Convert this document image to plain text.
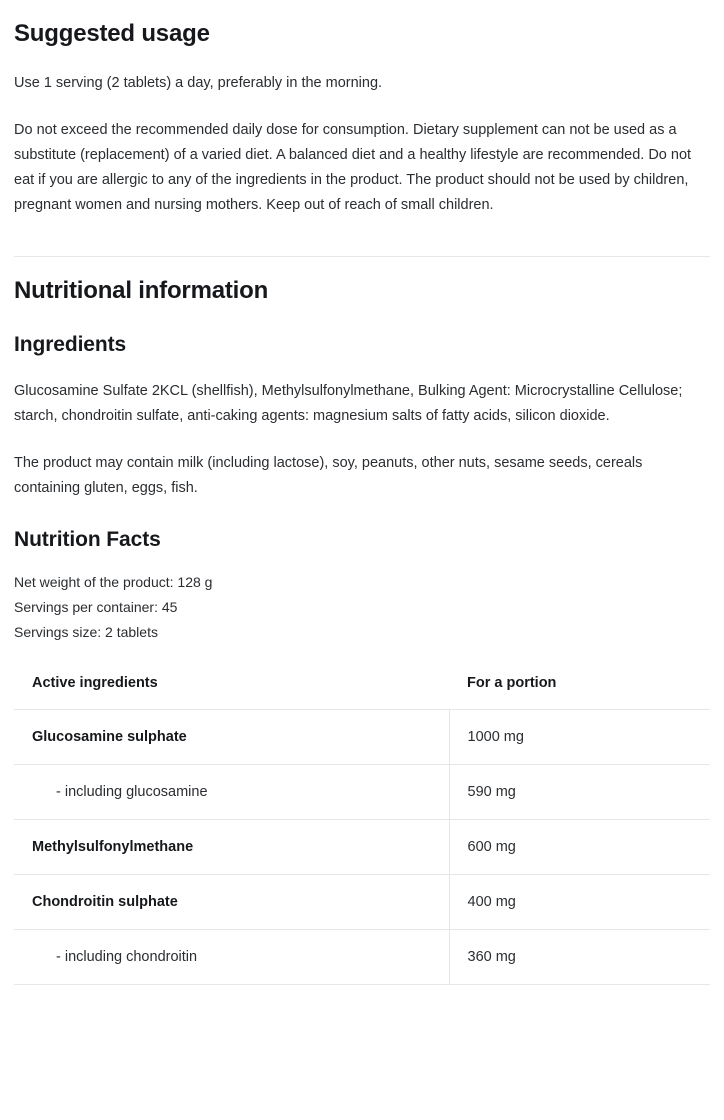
Suggested usage

Use 1 serving (2 tablets) a day, preferably in the morning.

Do not exceed the recommended daily dose for consumption. Dietary supplement can not be used as a substitute (replacement) of a varied diet. A balanced diet and a healthy lifestyle are recommended. Do not eat if you are allergic to any of the ingredients in the product. The product should not be used by children, pregnant women and nursing mothers. Keep out of reach of small children.

Nutritional information
Ingredients

Glucosamine Sulfate 2KCL (shellfish), Methylsulfonylmethane, Bulking Agent: Microcrystalline Cellulose; starch, chondroitin sulfate, anti-caking agents: magnesium salts of fatty acids, silicon dioxide.

The product may contain milk (including lactose), soy, peanuts, other nuts, sesame seeds, cereals containing gluten, eggs, fish.

Nutrition Facts
Net weight of the product: 128 g
Servings per container: 45
Servings size: 2 tablets
Active ingredients	For a portion
Glucosamine sulphate	1000 mg
- including glucosamine	590 mg
Methylsulfonylmethane	600 mg
Chondroitin sulphate	400 mg
- including chondroitin	360 mg
